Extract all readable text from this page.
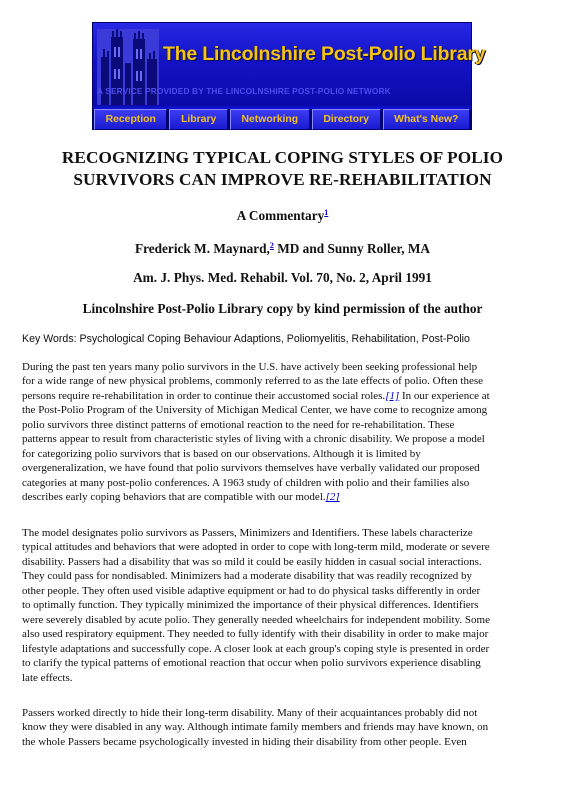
The Lincolnshire Post-Polio Library
A SERVICE PROVIDED BY THE LINCOLNSHIRE POST-POLIO NETWORK
Reception	Library	Networking	Directory	What's New?
RECOGNIZING TYPICAL COPING STYLES OF POLIO
SURVIVORS CAN IMPROVE RE-REHABILITATION
A Commentary$^1$
Frederick M. Maynard,$^2$ MD and Sunny Roller, MA
Am. J. Phys. Med. Rehabil. Vol. 70, No. 2, April 1991
Lincolnshire Post-Polio Library copy by kind permission of the author
Key Words: Psychological Coping Behaviour Adaptions, Poliomyelitis, Rehabilitation, Post-Polio
During the past ten years many polio survivors in the U.S. have actively been seeking professional help
for a wide range of new physical problems, commonly referred to as the late effects of polio. Often these
persons require re-rehabilitation in order to continue their accustomed social roles.[1] In our experience at
the Post-Polio Program of the University of Michigan Medical Center, we have come to recognize among
polio survivors three distinct patterns of emotional reaction to the need for re-rehabilitation. These
patterns appear to result from characteristic styles of living with a chronic disability. We propose a model
for categorizing polio survivors that is based on our observations. Although it is limited by
overgeneralization, we have found that polio survivors themselves have verbally validated our proposed
categories at many post-polio conferences. A 1963 study of children with polio and their families also
describes early coping behaviors that are compatible with our model.[2]
The model designates polio survivors as Passers, Minimizers and Identifiers. These labels characterize
typical attitudes and behaviors that were adopted in order to cope with long-term mild, moderate or severe
disability. Passers had a disability that was so mild it could be easily hidden in casual social interactions.
They could pass for nondisabled. Minimizers had a moderate disability that was readily recognized by
other people. They often used visible adaptive equipment or had to do physical tasks differently in order
to optimally function. They typically minimized the importance of their physical differences. Identifiers
were severely disabled by acute polio. They generally needed wheelchairs for independent mobility. Some
also used respiratory equipment. They needed to fully identify with their disability in order to make major
lifestyle adaptations and successfully cope. A closer look at each group's coping style is presented in order
to clarify the typical patterns of emotional reaction that occur when polio survivors experience disabling
late effects.
Passers worked directly to hide their long-term disability. Many of their acquaintances probably did not
know they were disabled in any way. Although intimate family members and friends may have known, on
the whole Passers became psychologically invested in hiding their disability from other people. Even
